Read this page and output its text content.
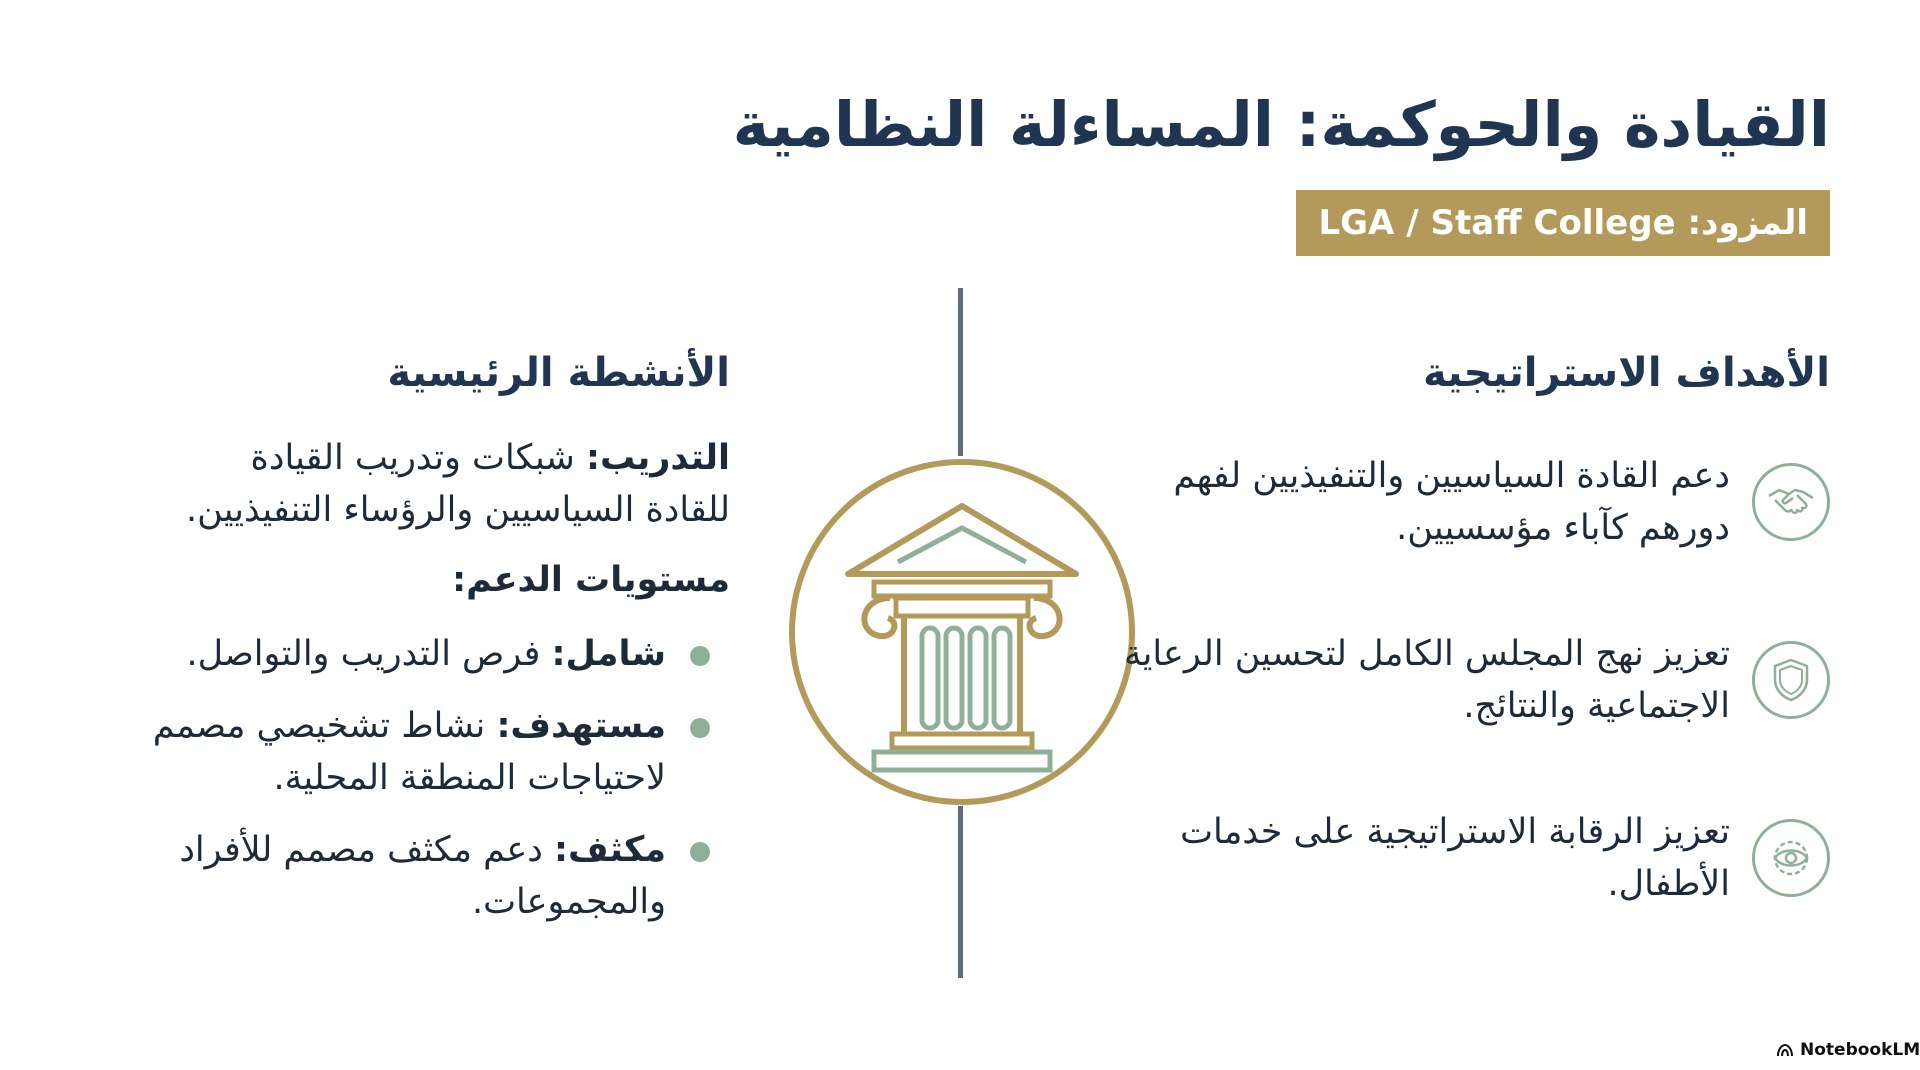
القيادة والحوكمة: المساءلة النظامية
المزود: LGA / Staff College
الأهداف الاستراتيجية
دعم القادة السياسيين والتنفيذيين لفهم دورهم كآباء مؤسسيين.
تعزيز نهج المجلس الكامل لتحسين الرعاية الاجتماعية والنتائج.
تعزيز الرقابة الاستراتيجية على خدمات الأطفال.
الأنشطة الرئيسية
التدريب: شبكات وتدريب القيادة للقادة السياسيين والرؤساء التنفيذيين.
مستويات الدعم:
شامل: فرص التدريب والتواصل.
مستهدف: نشاط تشخيصي مصمم لاحتياجات المنطقة المحلية.
مكثف: دعم مكثف مصمم للأفراد والمجموعات.
NotebookLM
